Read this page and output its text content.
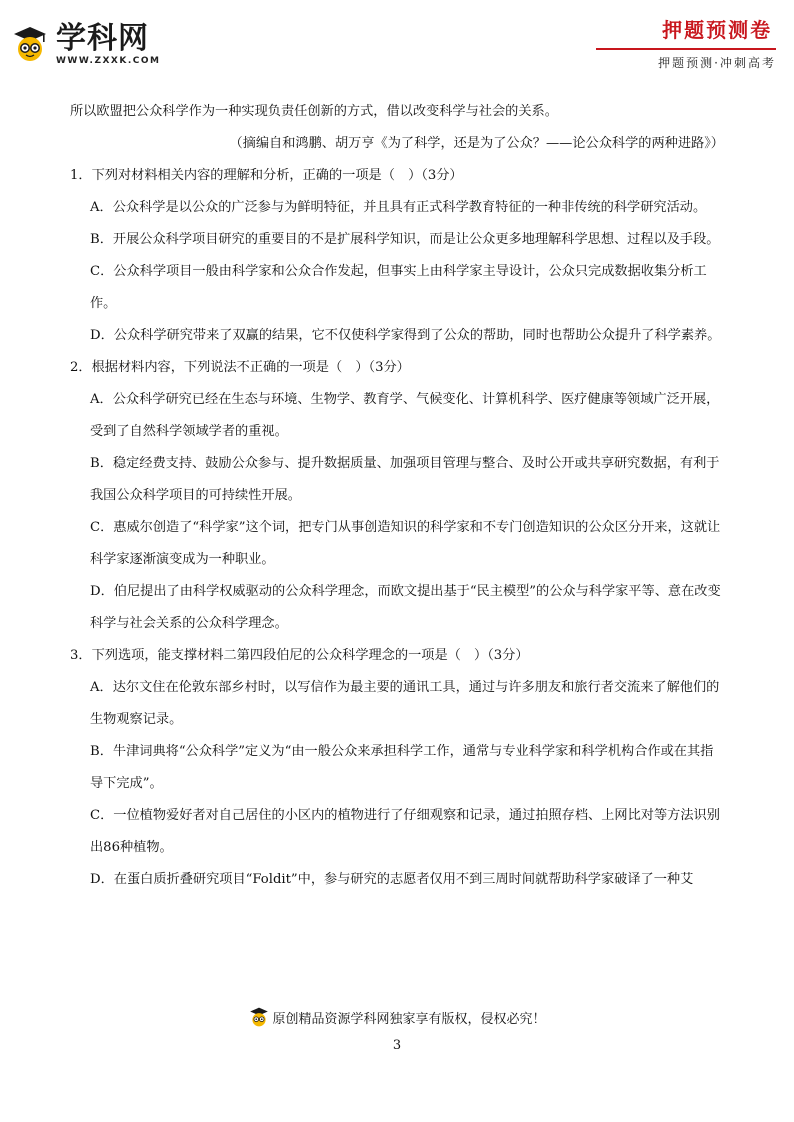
学科网
WWW.ZXXK.COM
押题预测卷
押题预测·冲刺高考

所以欧盟把公众科学作为一种实现负责任创新的方式，借以改变科学与社会的关系。

（摘编自和鸿鹏、胡万亨《为了科学，还是为了公众？——论公众科学的两种进路》）

1．下列对材料相关内容的理解和分析，正确的一项是（　）（3分）

A．公众科学是以公众的广泛参与为鲜明特征，并且具有正式科学教育特征的一种非传统的科学研究活动。

B．开展公众科学项目研究的重要目的不是扩展科学知识，而是让公众更多地理解科学思想、过程以及手段。

C．公众科学项目一般由科学家和公众合作发起，但事实上由科学家主导设计，公众只完成数据收集分析工作。

D．公众科学研究带来了双赢的结果，它不仅使科学家得到了公众的帮助，同时也帮助公众提升了科学素养。

2．根据材料内容，下列说法不正确的一项是（　）（3分）

A．公众科学研究已经在生态与环境、生物学、教育学、气候变化、计算机科学、医疗健康等领域广泛开展，受到了自然科学领域学者的重视。

B．稳定经费支持、鼓励公众参与、提升数据质量、加强项目管理与整合、及时公开或共享研究数据，有利于我国公众科学项目的可持续性开展。

C．惠威尔创造了“科学家”这个词，把专门从事创造知识的科学家和不专门创造知识的公众区分开来，这就让科学家逐渐演变成为一种职业。

D．伯尼提出了由科学权威驱动的公众科学理念，而欧文提出基于“民主模型”的公众与科学家平等、意在改变科学与社会关系的公众科学理念。

3．下列选项，能支撑材料二第四段伯尼的公众科学理念的一项是（　）（3分）

A．达尔文住在伦敦东部乡村时，以写信作为最主要的通讯工具，通过与许多朋友和旅行者交流来了解他们的生物观察记录。

B．牛津词典将“公众科学”定义为“由一般公众来承担科学工作，通常与专业科学家和科学机构合作或在其指导下完成”。

C．一位植物爱好者对自己居住的小区内的植物进行了仔细观察和记录，通过拍照存档、上网比对等方法识别出86种植物。

D．在蛋白质折叠研究项目“Foldit”中，参与研究的志愿者仅用不到三周时间就帮助科学家破译了一种艾

原创精品资源学科网独家享有版权，侵权必究！
3
